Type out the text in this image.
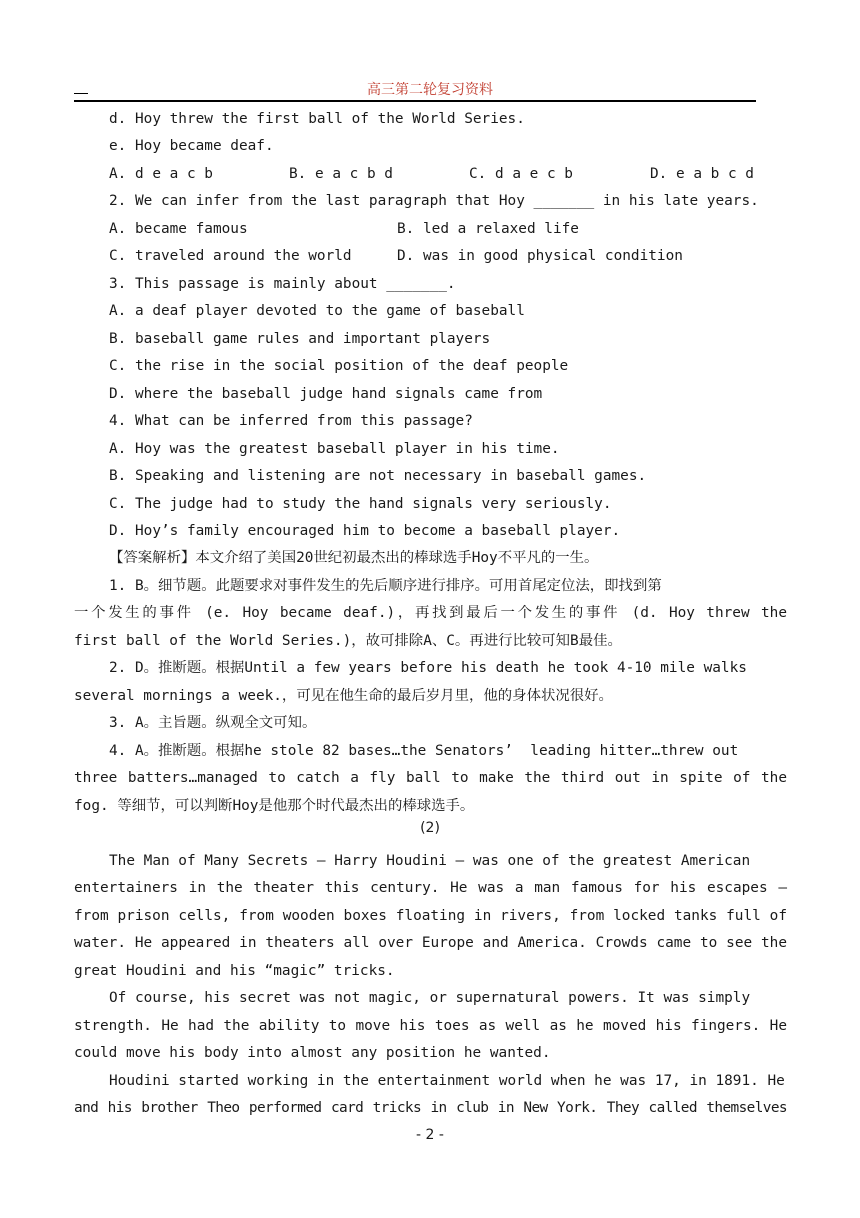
高三第二轮复习资料
d. Hoy threw the first ball of the World Series.
e. Hoy became deaf.

A. d e a c b

	B. e a c b d

	C. d a e c b

	D. e a b c d

2. We can infer from the last paragraph that Hoy _______ in his late years.

A. became famous

	B. led a relaxed life

C. traveled around the world

	D. was in good physical condition

3. This passage is mainly about _______.
A. a deaf player devoted to the game of baseball
B. baseball game rules and important players
C. the rise in the social position of the deaf people
D. where the baseball judge hand signals came from
4. What can be inferred from this passage?
A. Hoy was the greatest baseball player in his time.
B. Speaking and listening are not necessary in baseball games.
C. The judge had to study the hand signals very seriously.
D. Hoy’s family encouraged him to become a baseball player.
【答案解析】本文介绍了美国20世纪初最杰出的棒球选手Hoy不平凡的一生。
1. B。细节题。此题要求对事件发生的先后顺序进行排序。可用首尾定位法，即找到第
一个发生的事件 (e. Hoy became deaf.)，再找到最后一个发生的事件 (d. Hoy threw the
first ball of the World Series.)，故可排除A、C。再进行比较可知B最佳。
2. D。推断题。根据Until a few years before his death he took 4-10 mile walks
several mornings a week.，可见在他生命的最后岁月里，他的身体状况很好。
3. A。主旨题。纵观全文可知。
4. A。推断题。根据he stole 82 bases…the Senators’  leading hitter…threw out
three batters…managed to catch a fly ball to make the third out in spite of the
fog. 等细节，可以判断Hoy是他那个时代最杰出的棒球选手。
(2)
The Man of Many Secrets — Harry Houdini — was one of the greatest American
entertainers in the theater this century. He was a man famous for his escapes —
from prison cells, from wooden boxes floating in rivers, from locked tanks full of
water. He appeared in theaters all over Europe and America. Crowds came to see the
great Houdini and his “magic” tricks.
Of course, his secret was not magic, or supernatural powers. It was simply
strength. He had the ability to move his toes as well as he moved his fingers. He
could move his body into almost any position he wanted.
Houdini started working in the entertainment world when he was 17, in 1891. He
and his brother Theo performed card tricks in club in New York. They called themselves
- 2 -
